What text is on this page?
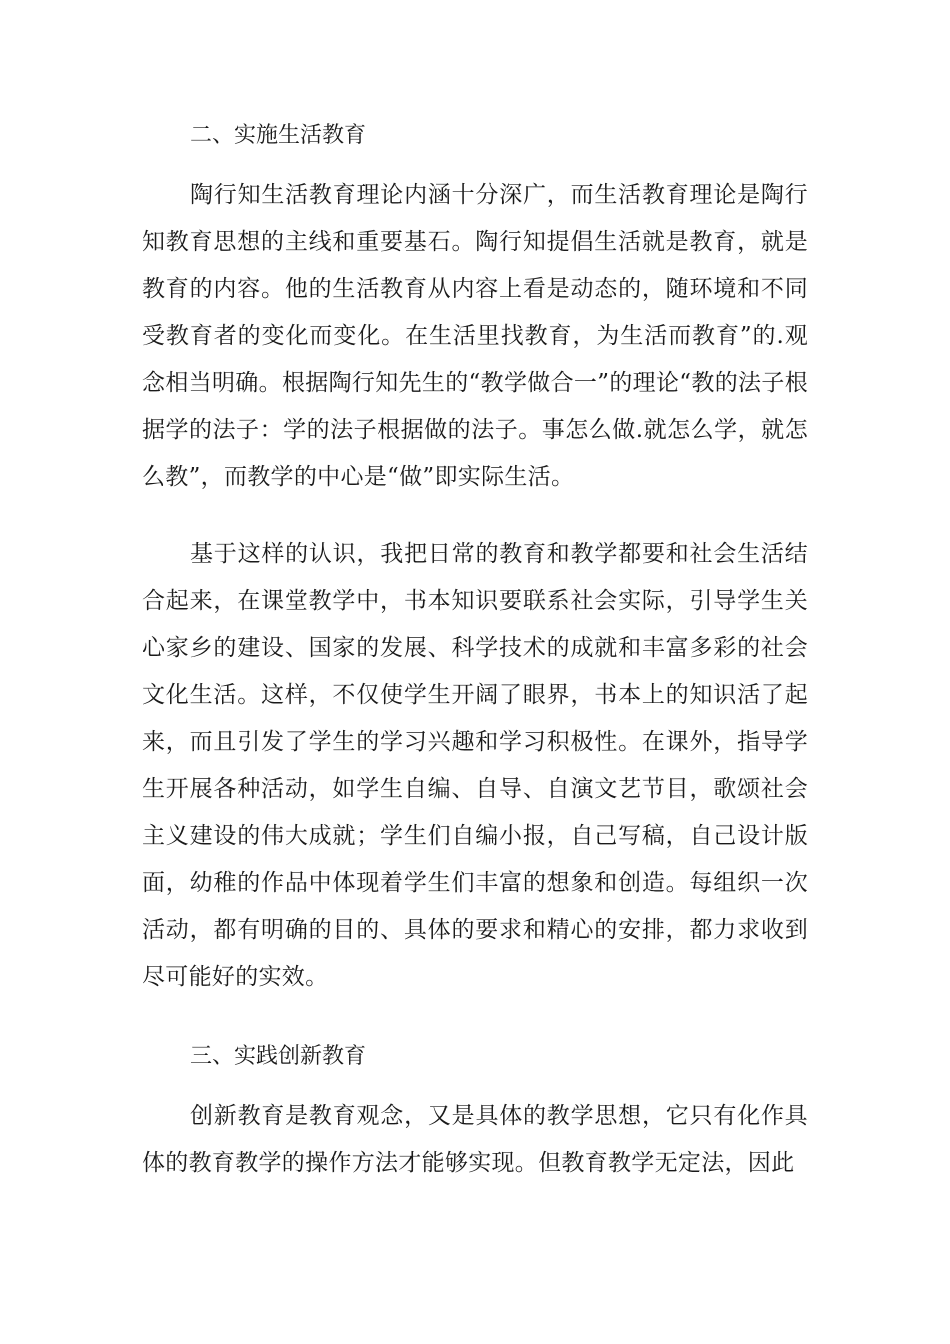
二、实施生活教育

陶行知生活教育理论内涵十分深广，而生活教育理论是陶行知教育思想的主线和重要基石。陶行知提倡生活就是教育，就是教育的内容。他的生活教育从内容上看是动态的，随环境和不同受教育者的变化而变化。在生活里找教育，为生活而教育”的.观念相当明确。根据陶行知先生的“教学做合一”的理论“教的法子根据学的法子：学的法子根据做的法子。事怎么做.就怎么学，就怎么教”，而教学的中心是“做”即实际生活。

基于这样的认识，我把日常的教育和教学都要和社会生活结合起来，在课堂教学中，书本知识要联系社会实际，引导学生关心家乡的建设、国家的发展、科学技术的成就和丰富多彩的社会文化生活。这样，不仅使学生开阔了眼界，书本上的知识活了起来，而且引发了学生的学习兴趣和学习积极性。在课外，指导学生开展各种活动，如学生自编、自导、自演文艺节目，歌颂社会主义建设的伟大成就；学生们自编小报，自己写稿，自己设计版面，幼稚的作品中体现着学生们丰富的想象和创造。每组织一次活动，都有明确的目的、具体的要求和精心的安排，都力求收到尽可能好的实效。

三、实践创新教育

创新教育是教育观念，又是具体的教学思想，它只有化作具体的教育教学的操作方法才能够实现。但教育教学无定法，因此
